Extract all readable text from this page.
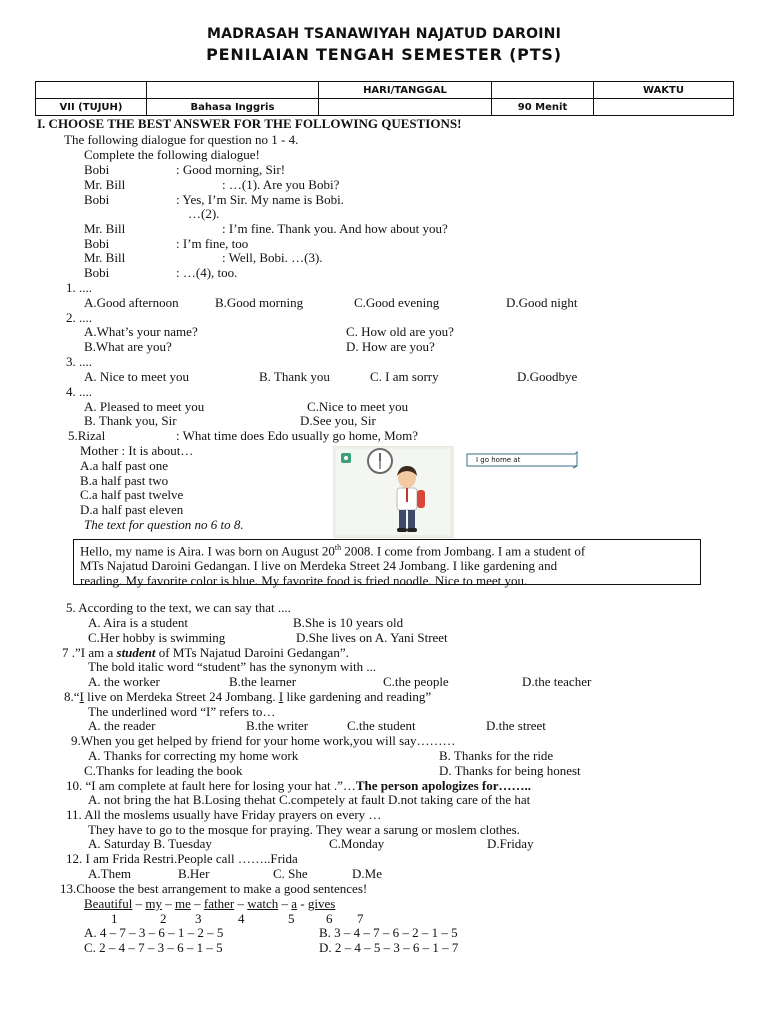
MADRASAH TSANAWIYAH NAJATUD DAROINI
PENILAIAN TENGAH SEMESTER (PTS)
		HARI/TANGGAL		WAKTU
VII (TUJUH)	Bahasa Inggris		90 Menit	
I. CHOOSE THE BEST ANSWER FOR THE FOLLOWING QUESTIONS!
The following dialogue for question no 1 - 4.
Complete the following dialogue!
Bobi	: Good morning, Sir!
Mr. Bill	: …(1). Are you Bobi?
Bobi	: Yes, I’m Sir. My name is Bobi.
…(2).
Mr. Bill	: I’m fine. Thank you. And how about you?
Bobi	: I’m fine, too
Mr. Bill	: Well, Bobi. …(3).
Bobi	: …(4), too.
1. ....
A.Good afternoon	B.Good morning	C.Good evening	D.Good night
2. ....
A.What’s your name?	C. How old are you?
B.What are you?	D. How are you?
3. ....
A. Nice to meet you	B. Thank you	C. I am sorry	D.Goodbye
4. ....
A. Pleased to meet you	C.Nice to meet you
B. Thank you, Sir	D.See you, Sir
5.Rizal	: What time does Edo usually go home, Mom?
Mother : It is about…
A.a half past one
B.a half past two
C.a half past twelve
D.a half past eleven
The text for question no 6 to 8.
I go home at
Hello, my name is Aira. I was born on August 20th 2008. I come from Jombang. I am a student of
MTs Najatud Daroini Gedangan. I live on Merdeka Street 24 Jombang. I like gardening and
reading. My favorite color is blue. My favorite food is fried noodle. Nice to meet you.
5. According to the text, we can say that ....
A. Aira is a student	B.She is 10 years old
C.Her hobby is swimming	D.She lives on A. Yani Street
7 .”I am a student of MTs Najatud Daroini Gedangan”.
The bold italic word “student” has the synonym with ...
A. the worker	B.the learner	C.the people	D.the teacher
8.“I live on Merdeka Street 24 Jombang. I like gardening and reading”
The underlined word “I” refers to…
A. the reader	B.the writer	C.the student	D.the street
9.When you get helped by friend for your home work,you will say………
A. Thanks for correcting my home work	B. Thanks for the ride
C.Thanks for leading the book	D. Thanks for being honest
10. “I am complete at fault here for losing your hat .”…The person apologizes for……..
A. not bring the hat B.Losing thehat C.competely at fault D.not taking care of the hat
11. All the moslems usually have Friday prayers on every …
They have to go to the mosque for praying. They wear a sarung or moslem clothes.
A. Saturday B. Tuesday	C.Monday	D.Friday
12. I am Frida Restri.People call ……..Frida
A.Them	B.Her	C. She	D.Me
13.Choose the best arrangement to make a good sentences!
Beautiful – my – me – father – watch – a - gives
1	2 3	4	5 6 7
A. 4 – 7 – 3 – 6 – 1 – 2 – 5	B. 3 – 4 – 7 – 6 – 2 – 1 – 5
C. 2 – 4 – 7 – 3 – 6 – 1 – 5	D. 2 – 4 – 5 – 3 – 6 – 1 – 7
